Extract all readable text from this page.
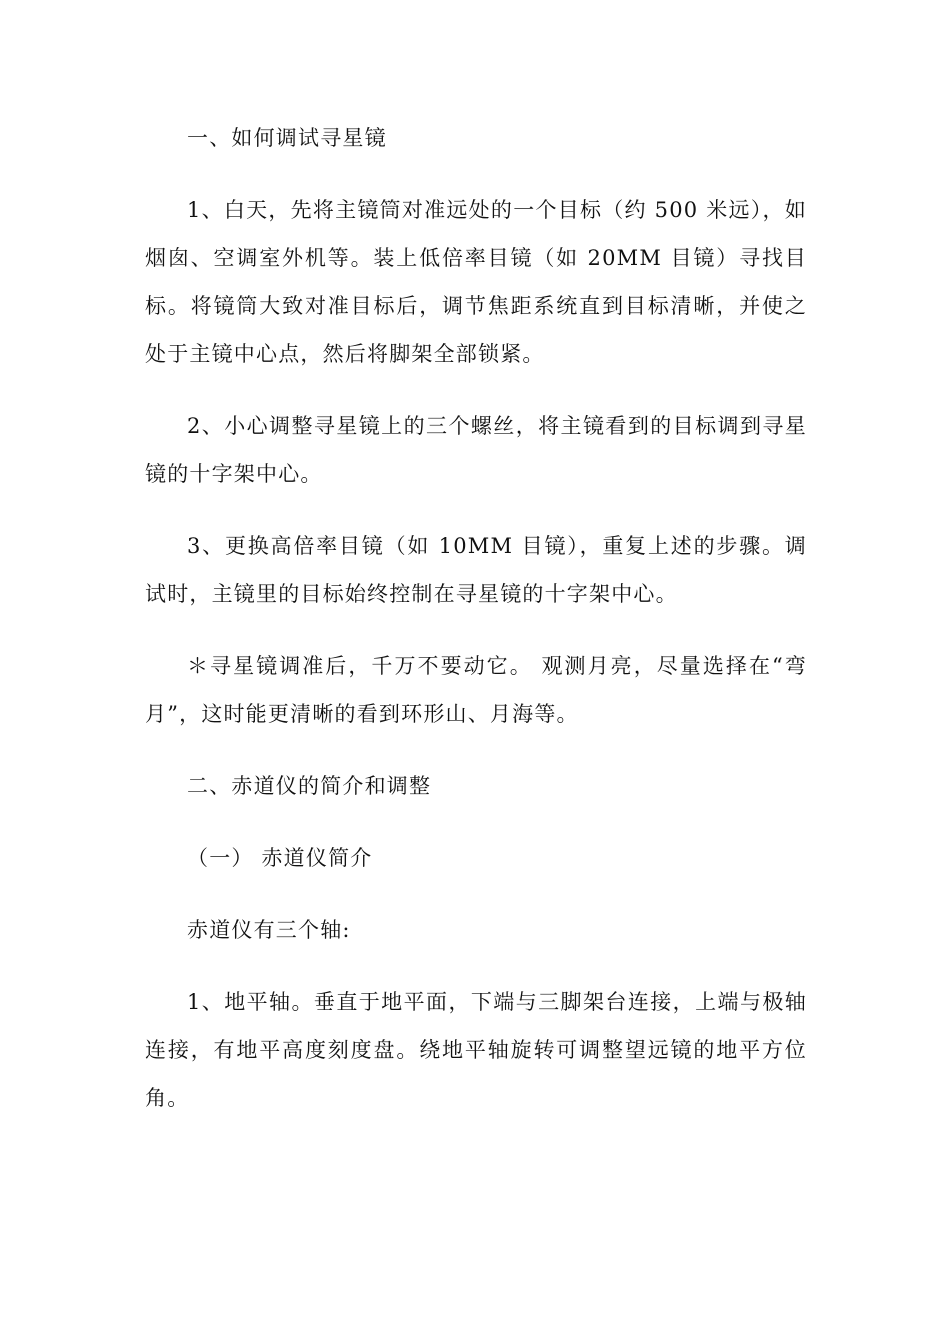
一、如何调试寻星镜

1、白天，先将主镜筒对准远处的一个目标（约 500 米远），如烟囱、空调室外机等。装上低倍率目镜（如 20MM 目镜）寻找目标。将镜筒大致对准目标后，调节焦距系统直到目标清晰，并使之处于主镜中心点，然后将脚架全部锁紧。

2、小心调整寻星镜上的三个螺丝，将主镜看到的目标调到寻星镜的十字架中心。

3、更换高倍率目镜（如 10MM 目镜），重复上述的步骤。调试时，主镜里的目标始终控制在寻星镜的十字架中心。

＊寻星镜调准后，千万不要动它。 观测月亮，尽量选择在“弯月”，这时能更清晰的看到环形山、月海等。

二、赤道仪的简介和调整

（一） 赤道仪简介

赤道仪有三个轴:

1、地平轴。垂直于地平面，下端与三脚架台连接，上端与极轴连接，有地平高度刻度盘。绕地平轴旋转可调整望远镜的地平方位角。
